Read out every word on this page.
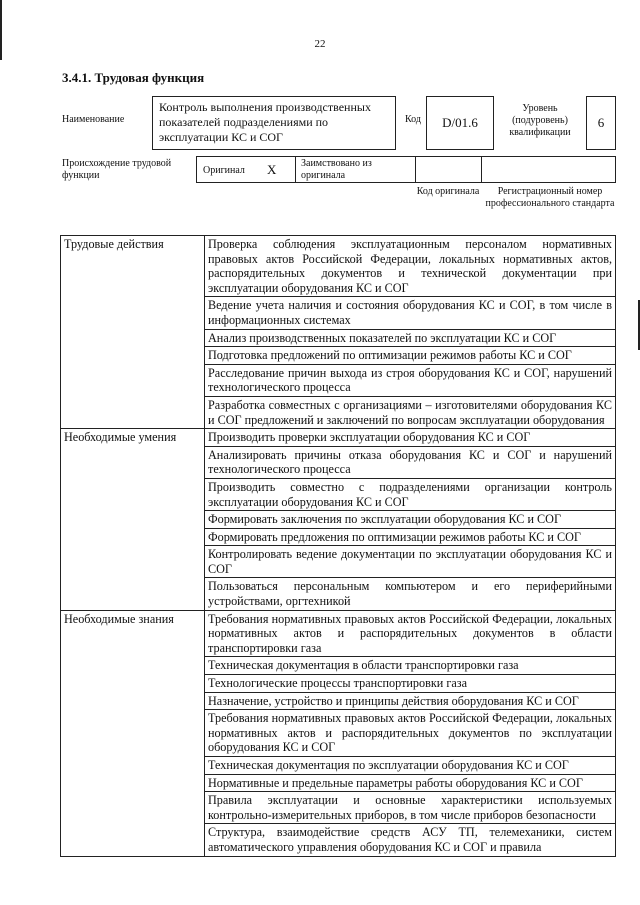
22
3.4.1. Трудовая функция
Наименование
Контроль выполнения производственных показателей подразделениями по эксплуатации КС и СОГ
Код	D/01.6
Уровень (подуровень) квалификации
6
Происхождение трудовой функции	Оригинал X Заимствовано из оригинала
Код оригинала	Регистрационный номер профессионального стандарта
Трудовые действия	Проверка соблюдения эксплуатационным персоналом нормативных правовых актов Российской Федерации, локальных нормативных актов, распорядительных документов и технической документации при эксплуатации оборудования КС и СОГ
	Ведение учета наличия и состояния оборудования КС и СОГ, в том числе в информационных системах
	Анализ производственных показателей по эксплуатации КС и СОГ
	Подготовка предложений по оптимизации режимов работы КС и СОГ
	Расследование причин выхода из строя оборудования КС и СОГ, нарушений технологического процесса
	Разработка совместных с организациями – изготовителями оборудования КС и СОГ предложений и заключений по вопросам эксплуатации оборудования
Необходимые умения	Производить проверки эксплуатации оборудования КС и СОГ
	Анализировать причины отказа оборудования КС и СОГ и нарушений технологического процесса
	Производить совместно с подразделениями организации контроль эксплуатации оборудования КС и СОГ
	Формировать заключения по эксплуатации оборудования КС и СОГ
	Формировать предложения по оптимизации режимов работы КС и СОГ
	Контролировать ведение документации по эксплуатации оборудования КС и СОГ
	Пользоваться персональным компьютером и его периферийными устройствами, оргтехникой
Необходимые знания	Требования нормативных правовых актов Российской Федерации, локальных нормативных актов и распорядительных документов в области транспортировки газа
	Техническая документация в области транспортировки газа
	Технологические процессы транспортировки газа
	Назначение, устройство и принципы действия оборудования КС и СОГ
	Требования нормативных правовых актов Российской Федерации, локальных нормативных актов и распорядительных документов по эксплуатации оборудования КС и СОГ
	Техническая документация по эксплуатации оборудования КС и СОГ
	Нормативные и предельные параметры работы оборудования КС и СОГ
	Правила эксплуатации и основные характеристики используемых контрольно-измерительных приборов, в том числе приборов безопасности
	Структура, взаимодействие средств АСУ ТП, телемеханики, систем автоматического управления оборудования КС и СОГ и правила
